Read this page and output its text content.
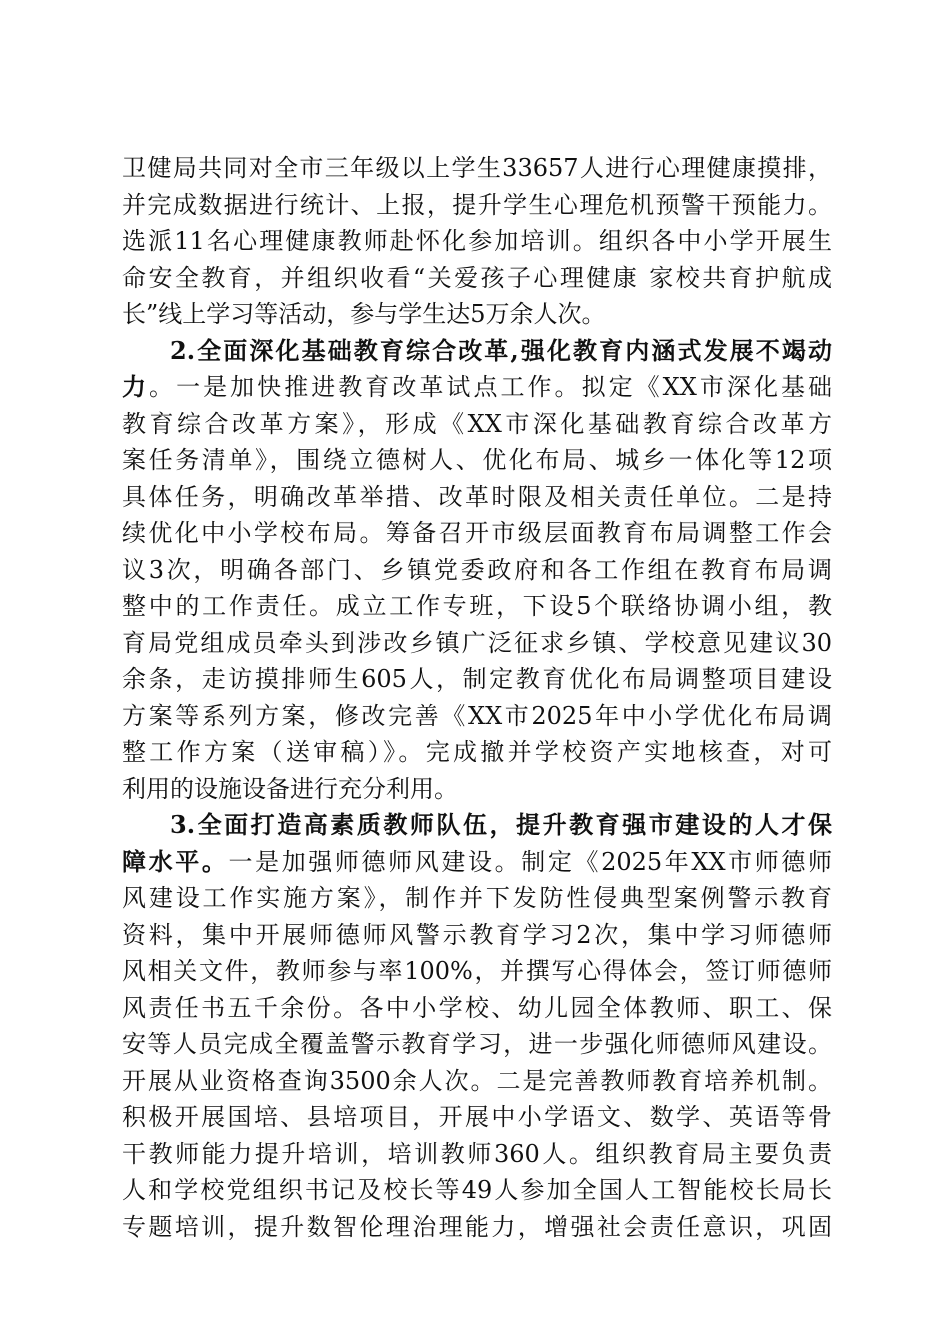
卫健局共同对全市三年级以上学生33657人进行心理健康摸排，
并完成数据进行统计、上报，提升学生心理危机预警干预能力。
选派11名心理健康教师赴怀化参加培训。组织各中小学开展生
命安全教育，并组织收看“关爱孩子心理健康 家校共育护航成
长”线上学习等活动，参与学生达5万余人次。
2.全面深化基础教育综合改革,强化教育内涵式发展不竭动
力。一是加快推进教育改革试点工作。拟定《XX市深化基础
教育综合改革方案》，形成《XX市深化基础教育综合改革方
案任务清单》，围绕立德树人、优化布局、城乡一体化等12项
具体任务，明确改革举措、改革时限及相关责任单位。二是持
续优化中小学校布局。筹备召开市级层面教育布局调整工作会
议3次，明确各部门、乡镇党委政府和各工作组在教育布局调
整中的工作责任。成立工作专班，下设5个联络协调小组，教
育局党组成员牵头到涉改乡镇广泛征求乡镇、学校意见建议30
余条，走访摸排师生605人，制定教育优化布局调整项目建设
方案等系列方案，修改完善《XX市2025年中小学优化布局调
整工作方案（送审稿）》。完成撤并学校资产实地核查，对可
利用的设施设备进行充分利用。
3.全面打造高素质教师队伍，提升教育强市建设的人才保
障水平。一是加强师德师风建设。制定《2025年XX市师德师
风建设工作实施方案》，制作并下发防性侵典型案例警示教育
资料，集中开展师德师风警示教育学习2次，集中学习师德师
风相关文件，教师参与率100%，并撰写心得体会，签订师德师
风责任书五千余份。各中小学校、幼儿园全体教师、职工、保
安等人员完成全覆盖警示教育学习，进一步强化师德师风建设。
开展从业资格查询3500余人次。二是完善教师教育培养机制。
积极开展国培、县培项目，开展中小学语文、数学、英语等骨
干教师能力提升培训，培训教师360人。组织教育局主要负责
人和学校党组织书记及校长等49人参加全国人工智能校长局长
专题培训，提升数智伦理治理能力，增强社会责任意识，巩固
